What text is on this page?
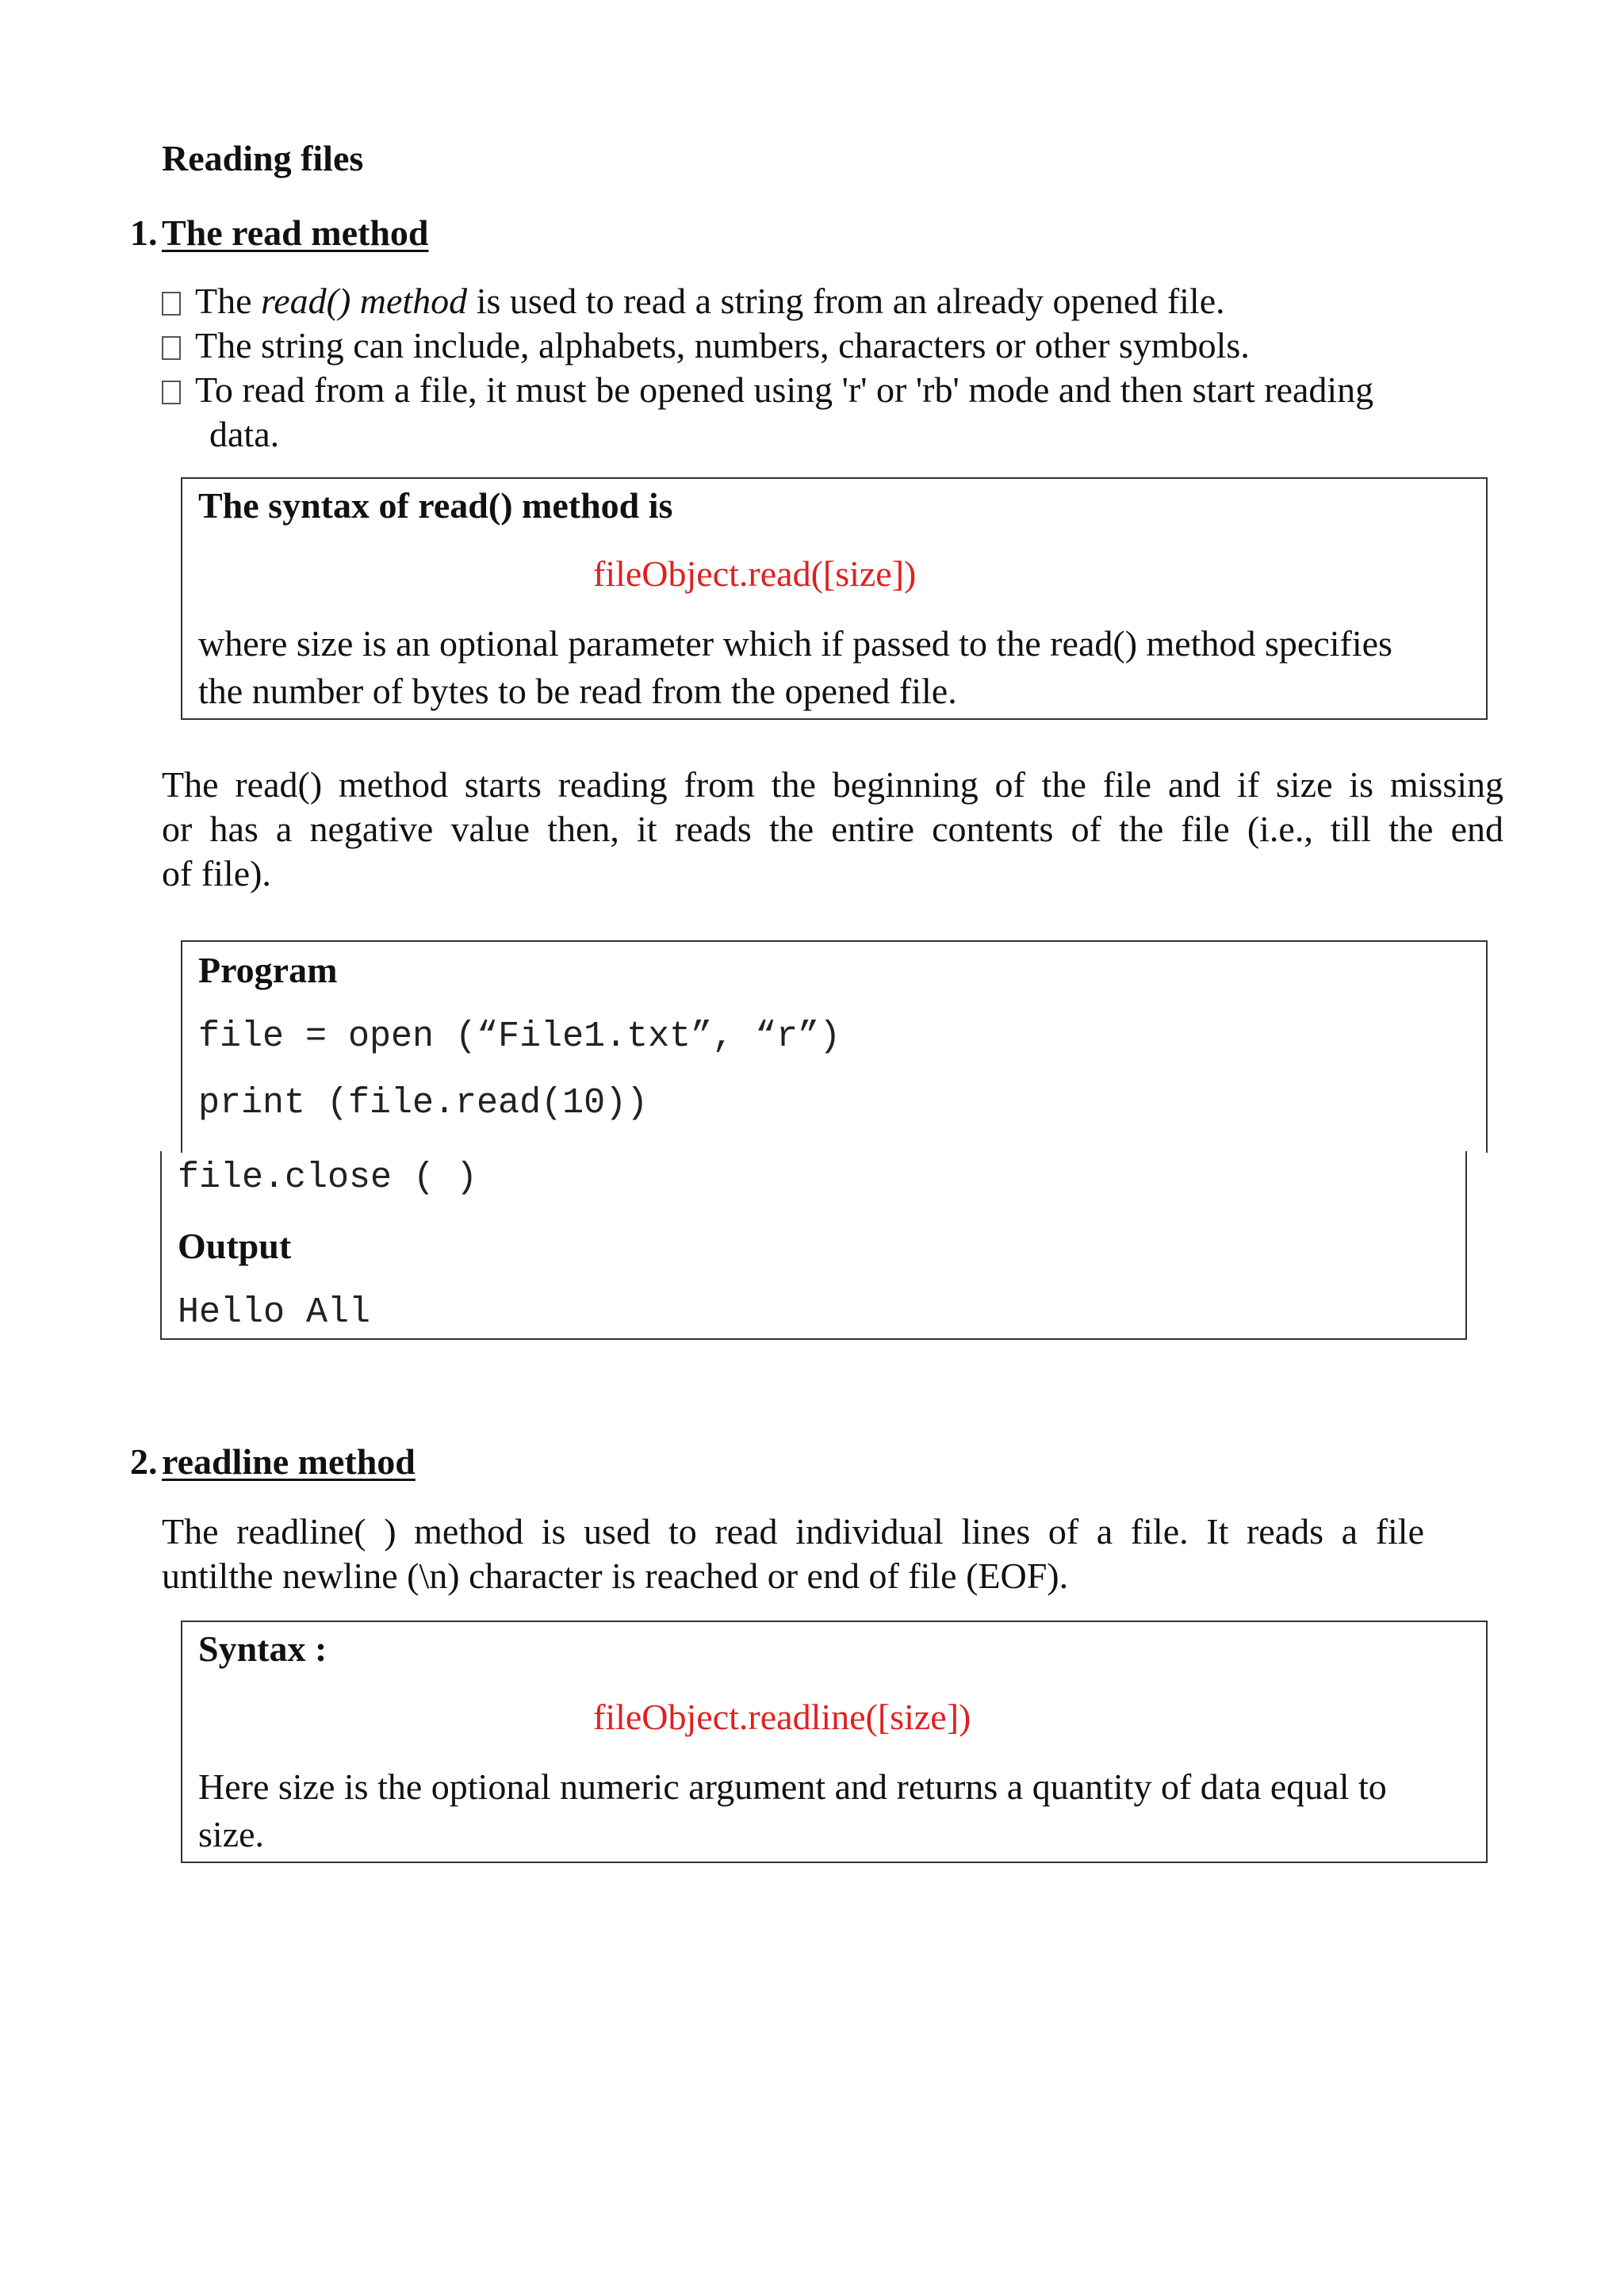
Reading files
1. The read method
The read() method is used to read a string from an already opened file.
The string can include, alphabets, numbers, characters or other symbols.
To read from a file, it must be opened using 'r' or 'rb' mode and then start reading
data.
The syntax of read() method is
fileObject.read([size])
where size is an optional parameter which if passed to the read() method specifies
the number of bytes to be read from the opened file.
The read() method starts reading from the beginning of the file and if size is missing
or has a negative value then, it reads the entire contents of the file (i.e., till the end
of file).
Program
file = open (“File1.txt”, “r”)
print (file.read(10))
file.close ( )
Output
Hello All
2. readline method
The readline( ) method is used to read individual lines of a file. It reads a file
untilthe newline (\n) character is reached or end of file (EOF).
Syntax :
fileObject.readline([size])
Here size is the optional numeric argument and returns a quantity of data equal to
size.
